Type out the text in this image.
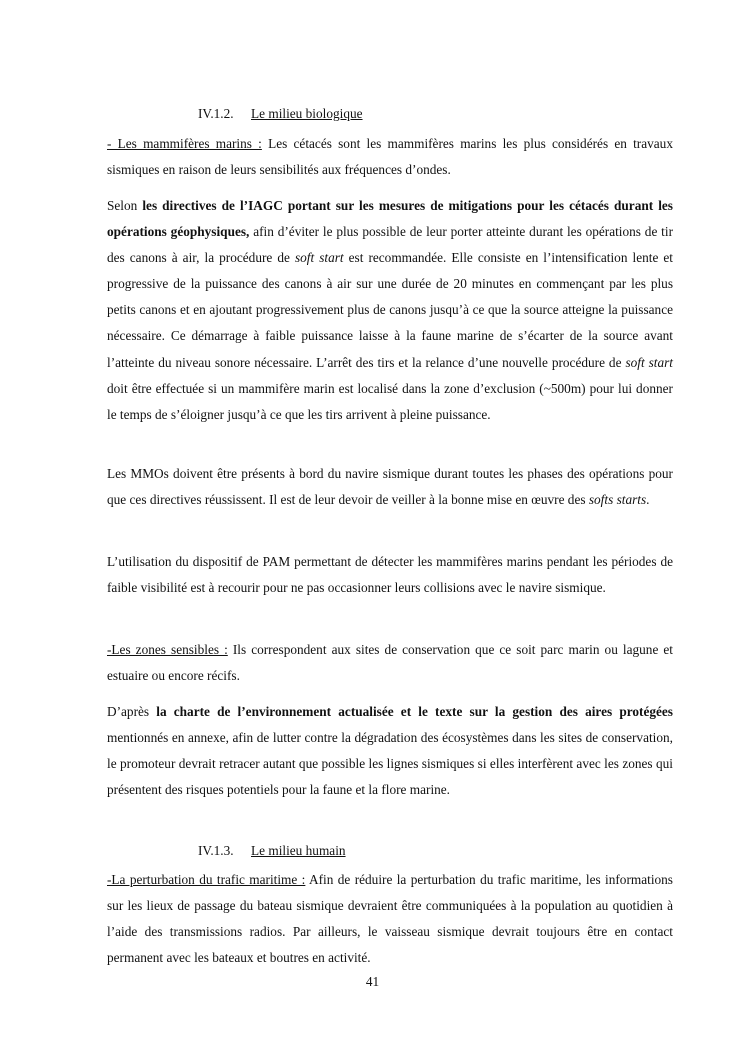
IV.1.2. Le milieu biologique

- Les mammifères marins : Les cétacés sont les mammifères marins les plus considérés en travaux sismiques en raison de leurs sensibilités aux fréquences d’ondes.

Selon les directives de l’IAGC portant sur les mesures de mitigations pour les cétacés durant les opérations géophysiques, afin d’éviter le plus possible de leur porter atteinte durant les opérations de tir des canons à air, la procédure de soft start est recommandée. Elle consiste en l’intensification lente et progressive de la puissance des canons à air sur une durée de 20 minutes en commençant par les plus petits canons et en ajoutant progressivement plus de canons jusqu’à ce que la source atteigne la puissance nécessaire. Ce démarrage à faible puissance laisse à la faune marine de s’écarter de la source avant l’atteinte du niveau sonore nécessaire. L’arrêt des tirs et la relance d’une nouvelle procédure de soft start doit être effectuée si un mammifère marin est localisé dans la zone d’exclusion (~500m) pour lui donner le temps de s’éloigner jusqu’à ce que les tirs arrivent à pleine puissance.

Les MMOs doivent être présents à bord du navire sismique durant toutes les phases des opérations pour que ces directives réussissent. Il est de leur devoir de veiller à la bonne mise en œuvre des softs starts.

L’utilisation du dispositif de PAM permettant de détecter les mammifères marins pendant les périodes de faible visibilité est à recourir pour ne pas occasionner leurs collisions avec le navire sismique.

-Les zones sensibles : Ils correspondent aux sites de conservation que ce soit parc marin ou lagune et estuaire ou encore récifs.

D’après la charte de l’environnement actualisée et le texte sur la gestion des aires protégées mentionnés en annexe, afin de lutter contre la dégradation des écosystèmes dans les sites de conservation, le promoteur devrait retracer autant que possible les lignes sismiques si elles interfèrent avec les zones qui présentent des risques potentiels pour la faune et la flore marine.

IV.1.3. Le milieu humain

-La perturbation du trafic maritime : Afin de réduire la perturbation du trafic maritime, les informations sur les lieux de passage du bateau sismique devraient être communiquées à la population au quotidien à l’aide des transmissions radios. Par ailleurs, le vaisseau sismique devrait toujours être en contact permanent avec les bateaux et boutres en activité.

41
